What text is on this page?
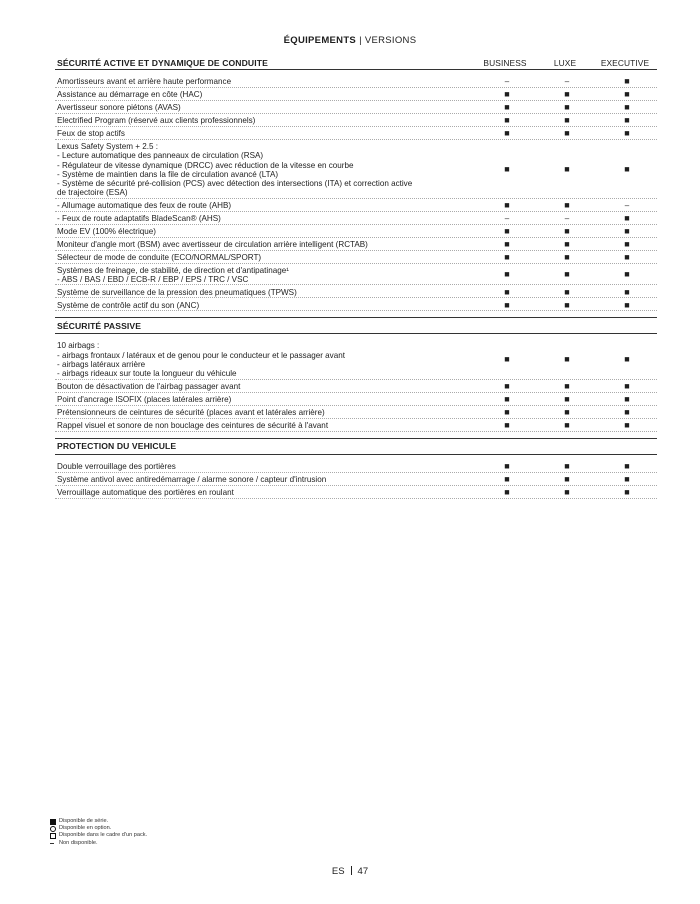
ÉQUIPEMENTS | VERSIONS
SÉCURITÉ ACTIVE ET DYNAMIQUE DE CONDUITE	BUSINESS	LUXE	EXECUTIVE
Amortisseurs avant et arrière haute performance	–	–	■
Assistance au démarrage en côte (HAC)	■	■	■
Avertisseur sonore piétons (AVAS)	■	■	■
Electrified Program (réservé aux clients professionnels)	■	■	■
Feux de stop actifs	■	■	■
Lexus Safety System + 2.5 :
- Lecture automatique des panneaux de circulation (RSA)
- Régulateur de vitesse dynamique (DRCC) avec réduction de la vitesse en courbe
- Système de maintien dans la file de circulation avancé (LTA)
- Système de sécurité pré-collision (PCS) avec détection des intersections (ITA) et correction active
de trajectoire (ESA)
■	■	■
- Allumage automatique des feux de route (AHB)	■	■	–
- Feux de route adaptatifs BladeScan® (AHS)	–	–	■
Mode EV (100% électrique)	■	■	■
Moniteur d'angle mort (BSM) avec avertisseur de circulation arrière intelligent (RCTAB)	■	■	■
Sélecteur de mode de conduite (ECO/NORMAL/SPORT)	■	■	■
Systèmes de freinage, de stabilité, de direction et d'antipatinage¹
- ABS / BAS / EBD / ECB-R / EBP / EPS / TRC / VSC
■	■	■
Système de surveillance de la pression des pneumatiques (TPWS)	■	■	■
Système de contrôle actif du son (ANC)	■	■	■
SÉCURITÉ PASSIVE
10 airbags :
- airbags frontaux / latéraux et de genou pour le conducteur et le passager avant
- airbags latéraux arrière
- airbags rideaux sur toute la longueur du véhicule
■	■	■
Bouton de désactivation de l'airbag passager avant	■	■	■
Point d'ancrage ISOFIX (places latérales arrière)	■	■	■
Prétensionneurs de ceintures de sécurité (places avant et latérales arrière)	■	■	■
Rappel visuel et sonore de non bouclage des ceintures de sécurité à l'avant	■	■	■
PROTECTION DU VEHICULE
Double verrouillage des portières	■	■	■
Système antivol avec antiredémarrage / alarme sonore / capteur d'intrusion	■	■	■
Verrouillage automatique des portières en roulant	■	■	■
Disponible de série.
Disponible en option.
Disponible dans le cadre d'un pack.
Non disponible.
ES 47
